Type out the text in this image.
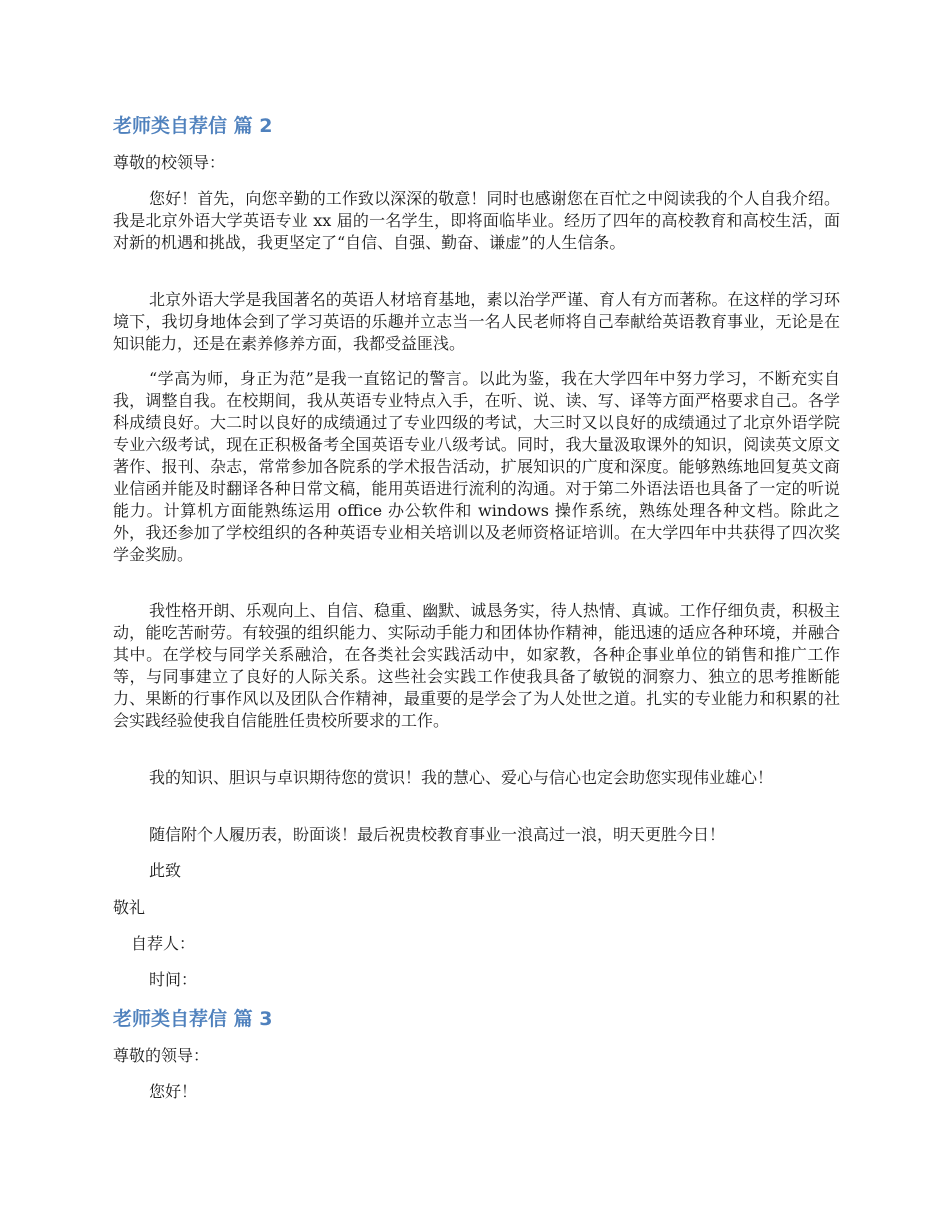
老师类自荐信 篇 2
尊敬的校领导：
您好！首先，向您辛勤的工作致以深深的敬意！同时也感谢您在百忙之中阅读我的个人自我介绍。我是北京外语大学英语专业 xx 届的一名学生，即将面临毕业。经历了四年的高校教育和高校生活，面对新的机遇和挑战，我更坚定了“自信、自强、勤奋、谦虚”的人生信条。
北京外语大学是我国著名的英语人材培育基地，素以治学严谨、育人有方而著称。在这样的学习环境下，我切身地体会到了学习英语的乐趣并立志当一名人民老师将自己奉献给英语教育事业，无论是在知识能力，还是在素养修养方面，我都受益匪浅。
“学高为师，身正为范”是我一直铭记的警言。以此为鉴，我在大学四年中努力学习，不断充实自我，调整自我。在校期间，我从英语专业特点入手，在听、说、读、写、译等方面严格要求自己。各学科成绩良好。大二时以良好的成绩通过了专业四级的考试，大三时又以良好的成绩通过了北京外语学院专业六级考试，现在正积极备考全国英语专业八级考试。同时，我大量汲取课外的知识，阅读英文原文著作、报刊、杂志，常常参加各院系的学术报告活动，扩展知识的广度和深度。能够熟练地回复英文商业信函并能及时翻译各种日常文稿，能用英语进行流利的沟通。对于第二外语法语也具备了一定的听说能力。计算机方面能熟练运用 office 办公软件和 windows 操作系统，熟练处理各种文档。除此之外，我还参加了学校组织的各种英语专业相关培训以及老师资格证培训。在大学四年中共获得了四次奖学金奖励。
我性格开朗、乐观向上、自信、稳重、幽默、诚恳务实，待人热情、真诚。工作仔细负责，积极主动，能吃苦耐劳。有较强的组织能力、实际动手能力和团体协作精神，能迅速的适应各种环境，并融合其中。在学校与同学关系融洽，在各类社会实践活动中，如家教，各种企事业单位的销售和推广工作等，与同事建立了良好的人际关系。这些社会实践工作使我具备了敏锐的洞察力、独立的思考推断能力、果断的行事作风以及团队合作精神，最重要的是学会了为人处世之道。扎实的专业能力和积累的社会实践经验使我自信能胜任贵校所要求的工作。
我的知识、胆识与卓识期待您的赏识！我的慧心、爱心与信心也定会助您实现伟业雄心！
随信附个人履历表，盼面谈！最后祝贵校教育事业一浪高过一浪，明天更胜今日！
此致
敬礼
自荐人：
时间：
老师类自荐信 篇 3
尊敬的领导：
您好！
